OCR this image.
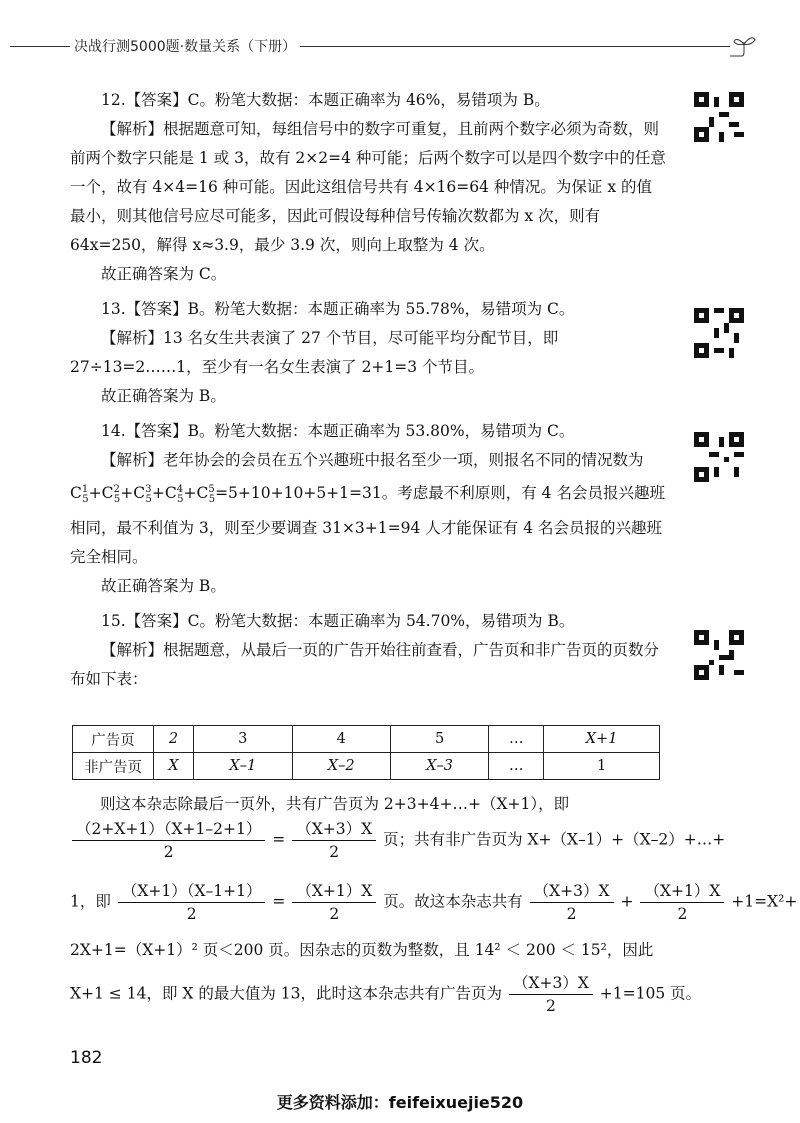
决战行测5000题·数量关系（下册）

12.【答案】C。粉笔大数据：本题正确率为 46%，易错项为 B。

【解析】根据题意可知，每组信号中的数字可重复，且前两个数字必须为奇数，则前两个数字只能是 1 或 3，故有 2×2=4 种可能；后两个数字可以是四个数字中的任意一个，故有 4×4=16 种可能。因此这组信号共有 4×16=64 种情况。为保证 x 的值最小，则其他信号应尽可能多，因此可假设每种信号传输次数都为 x 次，则有 64x=250，解得 x≈3.9，最少 3.9 次，则向上取整为 4 次。

故正确答案为 C。

13.【答案】B。粉笔大数据：本题正确率为 55.78%，易错项为 C。

【解析】13 名女生共表演了 27 个节目，尽可能平均分配节目，即 27÷13=2……1，至少有一名女生表演了 2+1=3 个节目。

故正确答案为 B。

14.【答案】B。粉笔大数据：本题正确率为 53.80%，易错项为 C。

【解析】老年协会的会员在五个兴趣班中报名至少一项，则报名不同的情况数为 $C^1_5+C^2_5+C^3_5+C^4_5+C^5_5=5+10+10+5+1=31$。考虑最不利原则，有 4 名会员报兴趣班相同，最不利值为 3，则至少要调查 31×3+1=94 人才能保证有 4 名会员报的兴趣班完全相同。

故正确答案为 B。

15.【答案】C。粉笔大数据：本题正确率为 54.70%，易错项为 B。

【解析】根据题意，从最后一页的广告开始往前查看，广告页和非广告页的页数分布如下表：

广告页	2	3	4	5	…	X+1
非广告页	X	X–1	X–2	X–3	…	1
则这本杂志除最后一页外，共有广告页为 2+3+4+…+（X+1），即
$\frac{(2+X+1)(X+1-2+1)}{2} = \frac{(X+3)X}{2}$ 页；共有非广告页为 X+（X–1）+（X–2）+…+
1，即 $\frac{(X+1)(X-1+1)}{2} = \frac{(X+1)X}{2}$ 页。故这本杂志共有 $\frac{(X+3)X}{2} + \frac{(X+1)X}{2} +1=X^2+$
2X+1=（X+1）² 页＜200 页。因杂志的页数为整数，且 14² ＜ 200 ＜ 15²，因此
X+1 ≤ 14，即 X 的最大值为 13，此时这本杂志共有广告页为 $\frac{(X+3)X}{2} +1=105$ 页。
182
更多资料添加：feifeixuejie520
